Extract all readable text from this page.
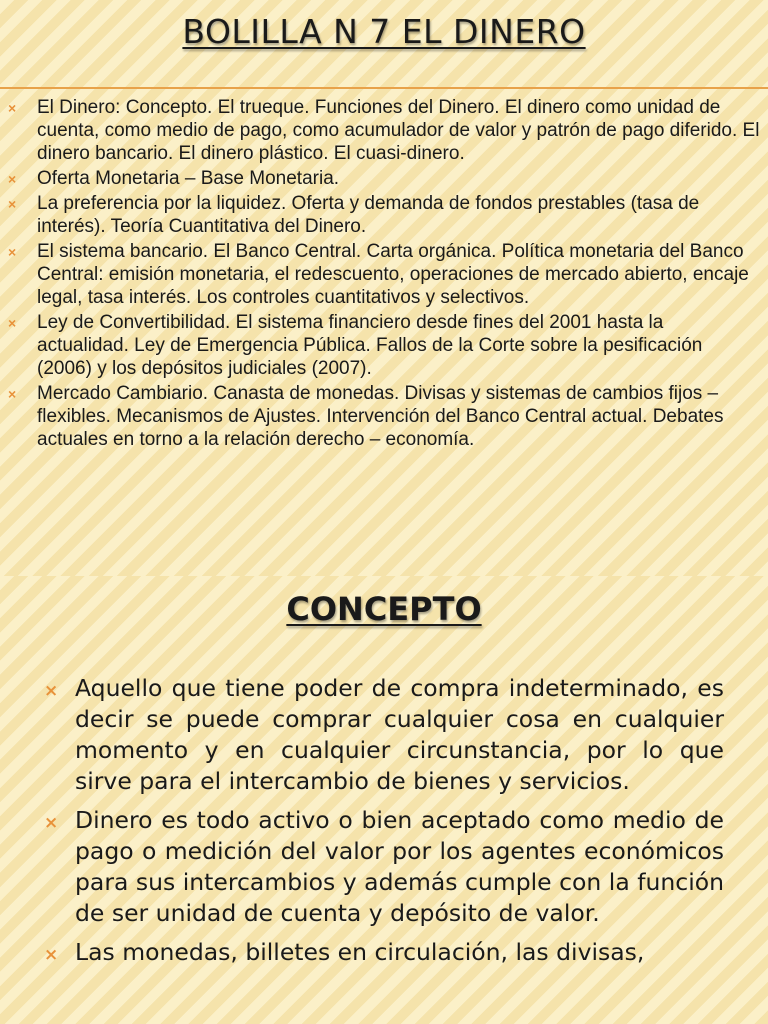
BOLILLA N 7 EL DINERO
× El Dinero: Concepto. El trueque. Funciones del Dinero. El dinero como unidad de cuenta, como medio de pago, como acumulador de valor y patrón de pago diferido. El dinero bancario. El dinero plástico. El cuasi-dinero.
× Oferta Monetaria – Base Monetaria.
× La preferencia por la liquidez. Oferta y demanda de fondos prestables (tasa de interés). Teoría Cuantitativa del Dinero.
× El sistema bancario. El Banco Central. Carta orgánica. Política monetaria del Banco Central: emisión monetaria, el redescuento, operaciones de mercado abierto, encaje legal, tasa interés. Los controles cuantitativos y selectivos.
× Ley de Convertibilidad. El sistema financiero desde fines del 2001 hasta la actualidad. Ley de Emergencia Pública. Fallos de la Corte sobre la pesificación (2006) y los depósitos judiciales (2007).
× Mercado Cambiario. Canasta de monedas. Divisas y sistemas de cambios fijos – flexibles. Mecanismos de Ajustes. Intervención del Banco Central actual. Debates actuales en torno a la relación derecho – economía.
CONCEPTO
× Aquello que tiene poder de compra indeterminado, es decir se puede comprar cualquier cosa en cualquier momento y en cualquier circunstancia, por lo que sirve para el intercambio de bienes y servicios.
× Dinero es todo activo o bien aceptado como medio de pago o medición del valor por los agentes económicos para sus intercambios y además cumple con la función de ser unidad de cuenta y depósito de valor.
× Las monedas, billetes en circulación, las divisas,
